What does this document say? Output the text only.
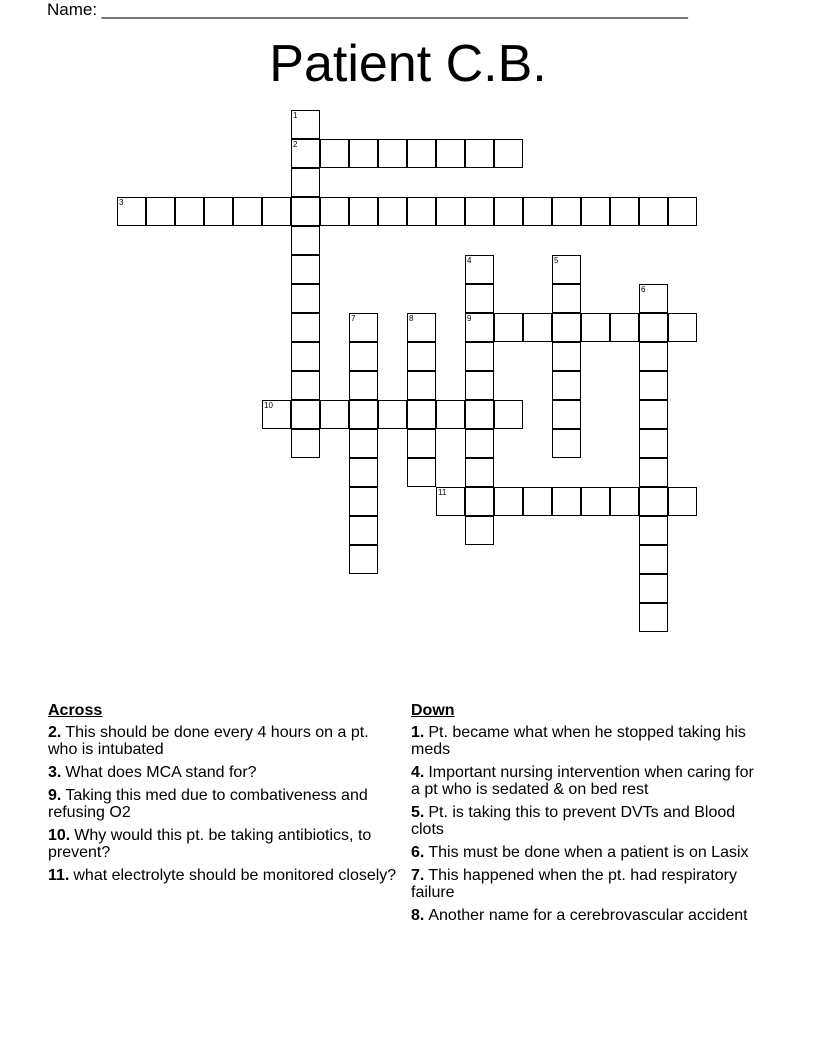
Name: ______________________________________________________________
Patient C.B.
1
2
3
4
9
5
6
7	8
10
11
Across
2. This should be done every 4 hours on a pt. who is intubated
3. What does MCA stand for?
9. Taking this med due to combativeness and refusing O2
10. Why would this pt. be taking antibiotics, to prevent?
11. what electrolyte should be monitored closely?
Down
1. Pt. became what when he stopped taking his meds
4. Important nursing intervention when caring for a pt who is sedated & on bed rest
5. Pt. is taking this to prevent DVTs and Blood clots
6. This must be done when a patient is on Lasix
7. This happened when the pt. had respiratory failure
8. Another name for a cerebrovascular accident
